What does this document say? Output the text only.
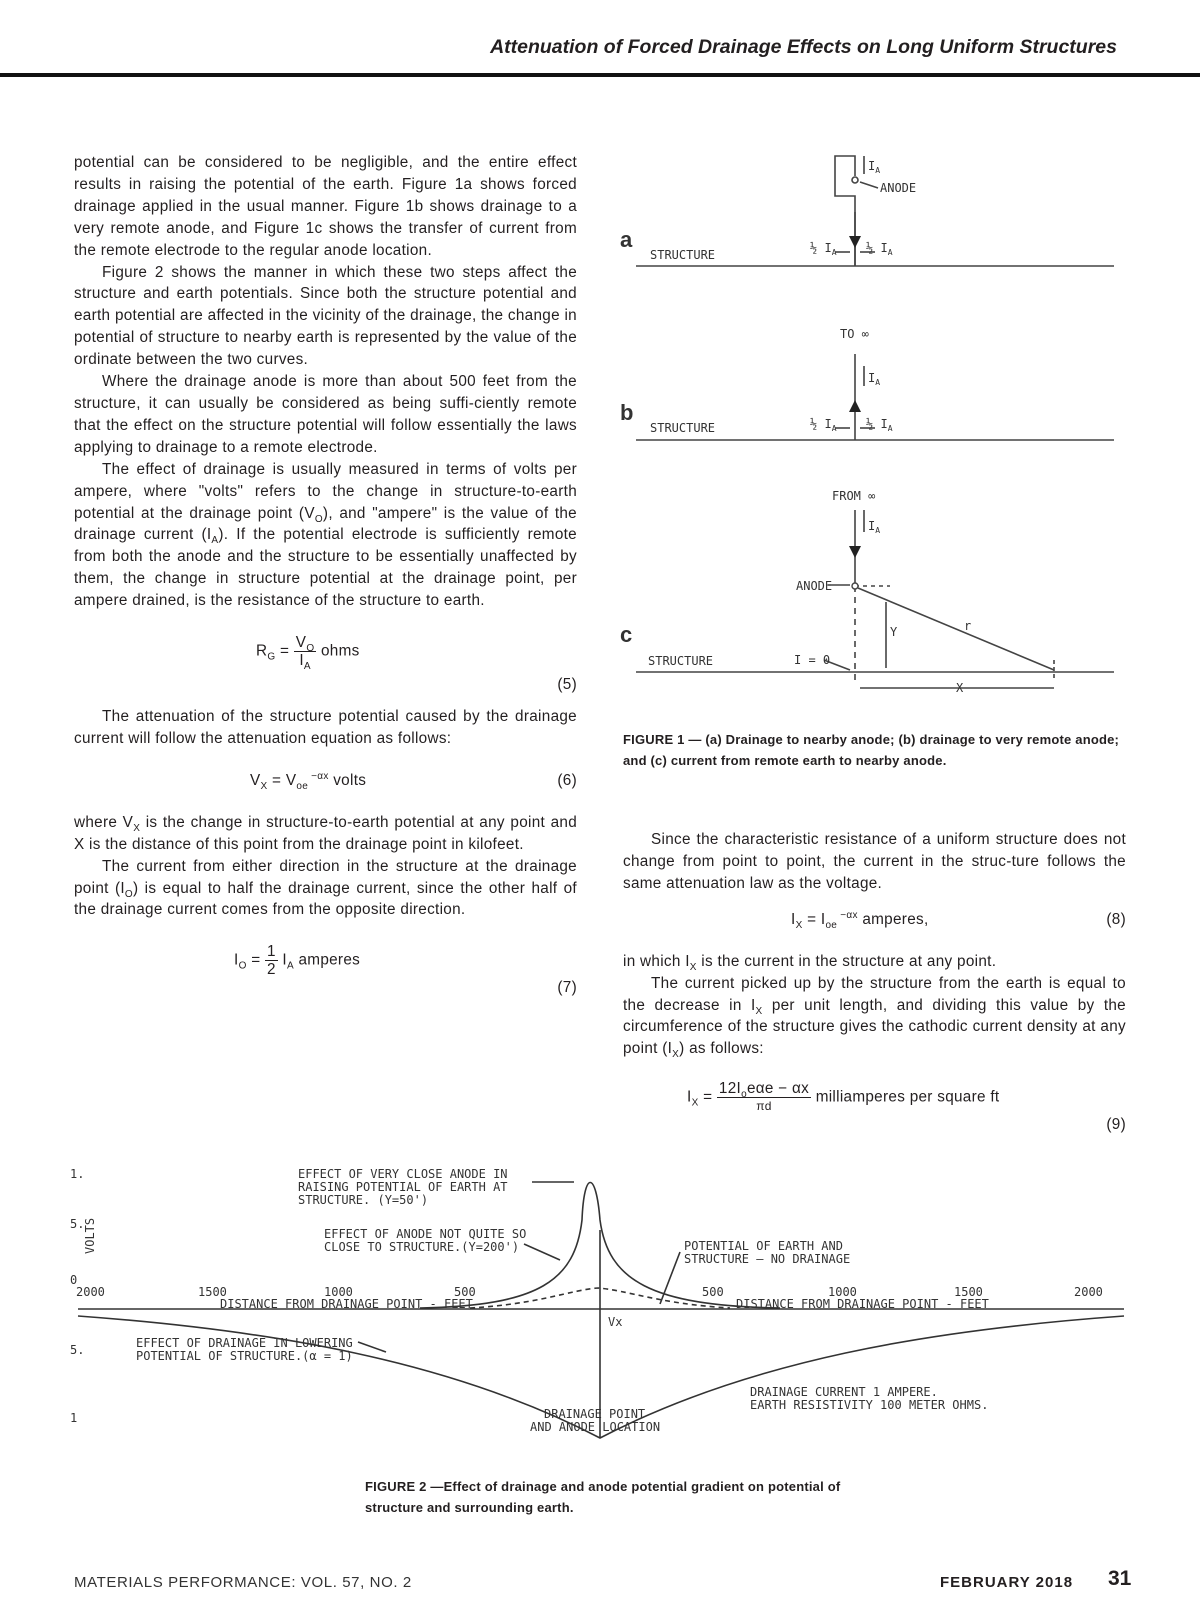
Attenuation of Forced Drainage Effects on Long Uniform Structures

potential can be considered to be negligible, and the entire effect results in raising the potential of the earth. Figure 1a shows forced drainage applied in the usual manner. Figure 1b shows drainage to a very remote anode, and Figure 1c shows the transfer of current from the remote electrode to the regular anode location.

Figure 2 shows the manner in which these two steps affect the structure and earth potentials. Since both the structure potential and earth potential are affected in the vicinity of the drainage, the change in potential of structure to nearby earth is represented by the value of the ordinate between the two curves.

Where the drainage anode is more than about 500 feet from the structure, it can usually be considered as being suffi-ciently remote that the effect on the structure potential will follow essentially the laws applying to drainage to a remote electrode.

The effect of drainage is usually measured in terms of volts per ampere, where "volts" refers to the change in structure-to-earth potential at the drainage point $(V_O)$, and "ampere" is the value of the drainage current $(I_A)$. If the potential electrode is sufficiently remote from both the anode and the structure to be essentially unaffected by them, the change in structure potential at the drainage point, per ampere drained, is the resistance of the structure to earth.

$R_G = \frac{V_O}{I_A}$ ohms
(5)

The attenuation of the structure potential caused by the drainage current will follow the attenuation equation as follows:

$V_X = V_{oe}$ $^{-\alpha x}$ volts	(6)

where $V_X$ is the change in structure-to-earth potential at any point and X is the distance of this point from the drainage point in kilofeet.

The current from either direction in the structure at the drainage point $(I_O)$ is equal to half the drainage current, since the other half of the drainage current comes from the opposite direction.

$I_O = \frac{1}{2} I_A$ amperes
(7)
a
b
c
STRUCTURE
STRUCTURE
STRUCTURE
ANODE
ANODE
$I_A$
$I_A$
$I_A$
½ $I_A$ ½ $I_A$
½ $I_A$ ½ $I_A$
TO ∞
FROM ∞
I = 0
Y	r
X
FIGURE 1 — (a) Drainage to nearby anode; (b) drainage to very remote anode; and (c) current from remote earth to nearby anode.

Since the characteristic resistance of a uniform structure does not change from point to point, the current in the struc-ture follows the same attenuation law as the voltage.

$I_X = I_{oe}$ $^{-\alpha x}$ amperes,	(8)

in which $I_X$ is the current in the structure at any point.

The current picked up by the structure from the earth is equal to the decrease in $I_X$ per unit length, and dividing this value by the circumference of the structure gives the cathodic current density at any point $(I_X)$ as follows:

$I_X = \frac{12I_oe\alpha e - \alpha x}{\pi d}$ milliamperes per square ft
(9)
1.
5.
0
5.
1
VOLTS
2000	1500	1000	500	500	1000	1500	2000
DISTANCE FROM DRAINAGE POINT - FEET	DISTANCE FROM DRAINAGE POINT - FEET
EFFECT OF VERY CLOSE ANODE IN
RAISING POTENTIAL OF EARTH AT
STRUCTURE. (Y=50')
EFFECT OF ANODE NOT QUITE SO
CLOSE TO STRUCTURE.(Y=200')	POTENTIAL OF EARTH AND
STRUCTURE – NO DRAINAGE
EFFECT OF DRAINAGE IN LOWERING
POTENTIAL OF STRUCTURE.(α = 1)
Vx
DRAINAGE CURRENT 1 AMPERE.
EARTH RESISTIVITY 100 METER OHMS.
DRAINAGE POINT
AND ANODE LOCATION
FIGURE 2 —Effect of drainage and anode potential gradient on potential of structure and surrounding earth.
MATERIALS PERFORMANCE: VOL. 57, NO. 2	FEBRUARY 2018 31
